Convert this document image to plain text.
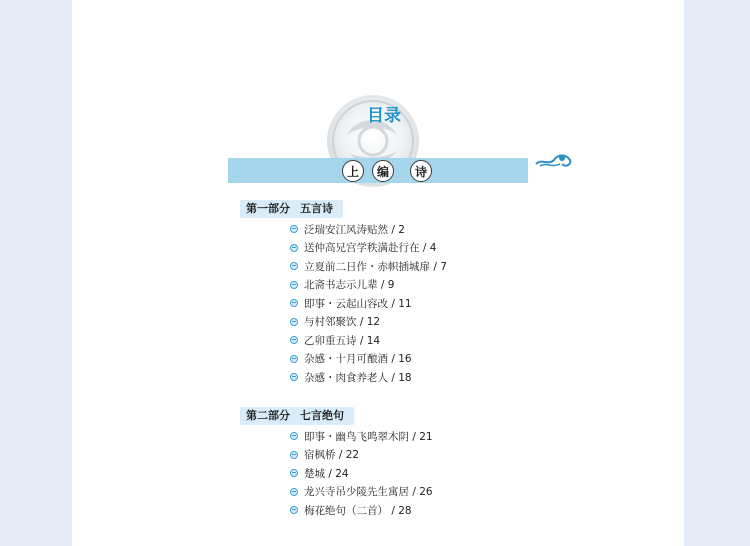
目录
上	编	诗
第一部分 五言诗
泛瑞安江风涛贴然 / 2
送仲高兄宫学秩满赴行在 / 4
立夏前二日作・赤帜插城扉 / 7
北斋书志示儿辈 / 9
即事・云起山容改 / 11
与村邻聚饮 / 12
乙卯重五诗 / 14
杂感・十月可酿酒 / 16
杂感・肉食养老人 / 18
第二部分 七言绝句
即事・幽鸟飞鸣翠木阴 / 21
宿枫桥 / 22
楚城 / 24
龙兴寺吊少陵先生寓居 / 26
梅花绝句（二首） / 28
